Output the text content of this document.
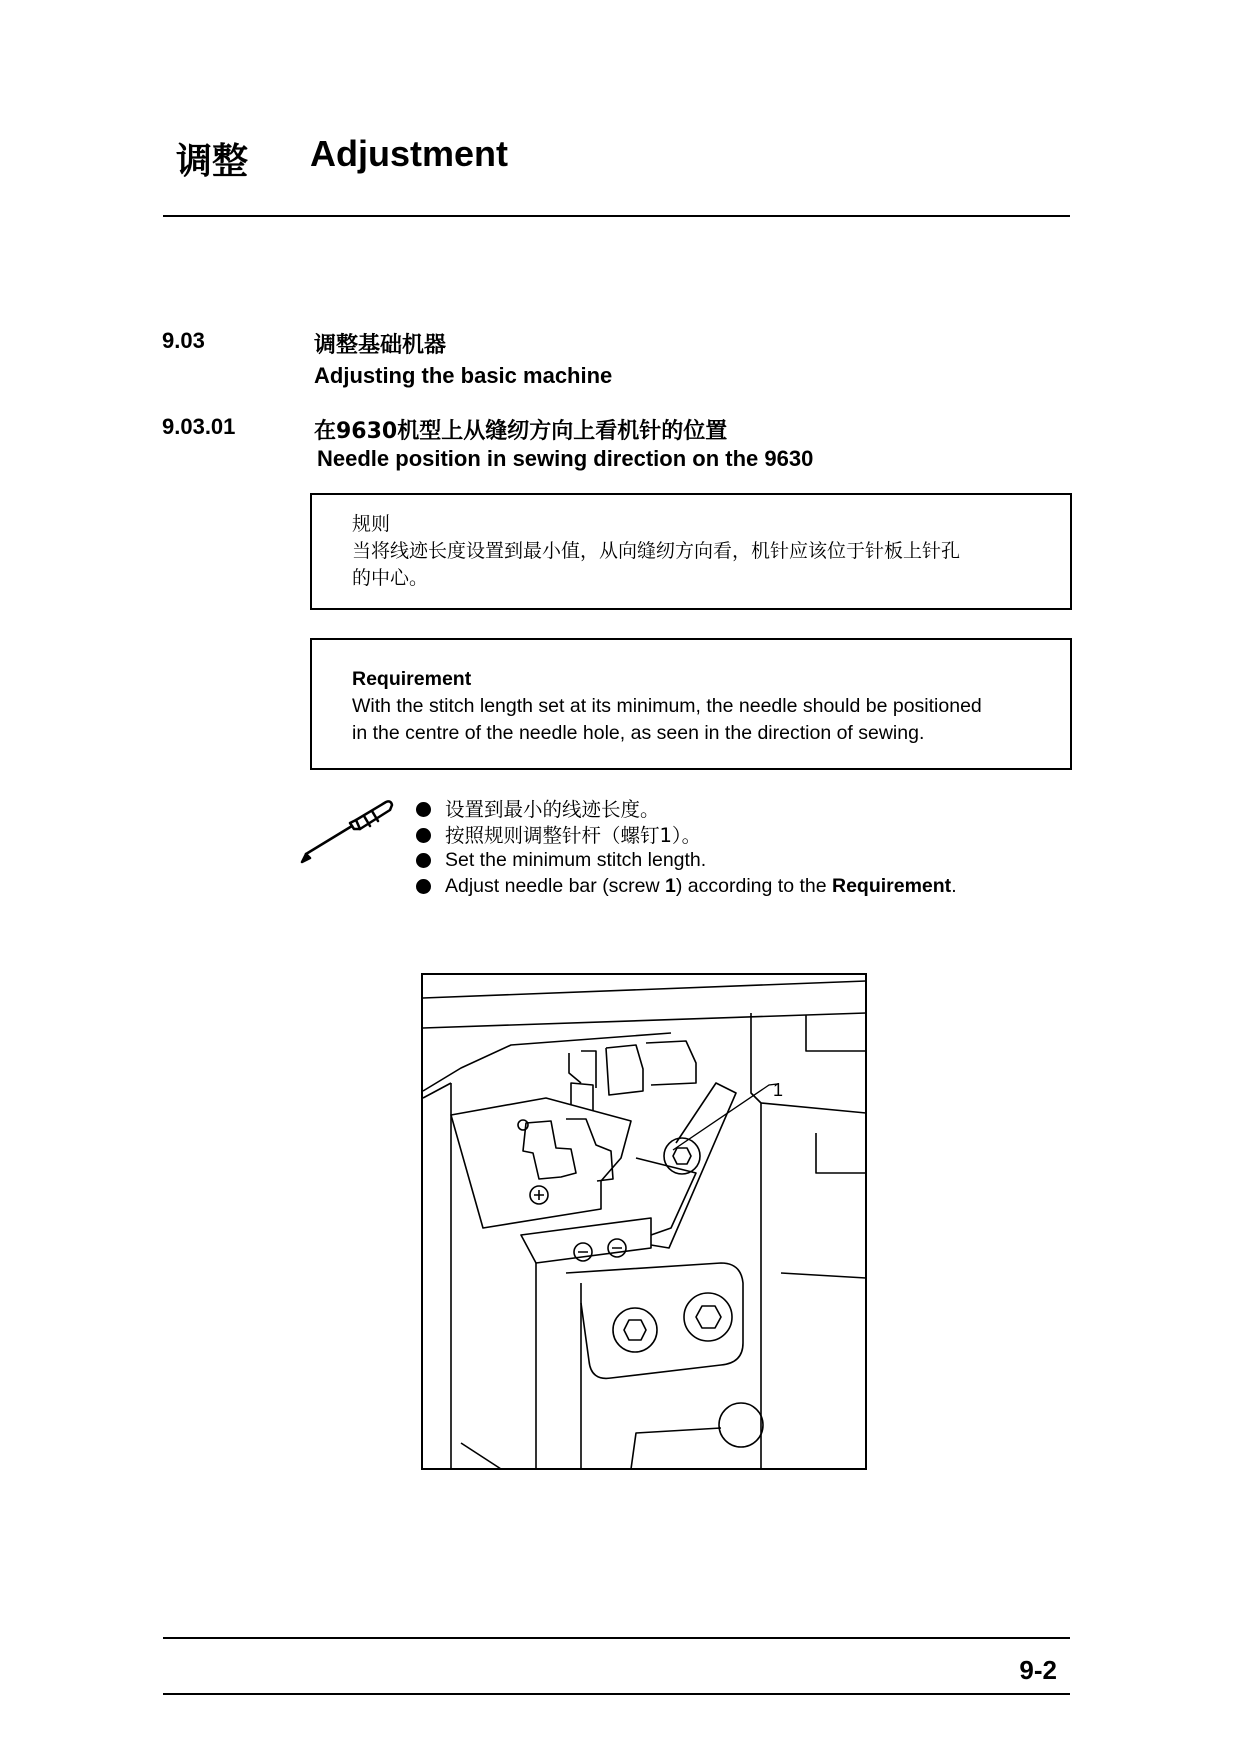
调整 Adjustment
9.03	调整基础机器
Adjusting the basic machine
9.03.01	在9630机型上从缝纫方向上看机针的位置
Needle position in sewing direction on the 9630
规则
当将线迹长度设置到最小值，从向缝纫方向看，机针应该位于针板上针孔
的中心。
Requirement
With the stitch length set at its minimum, the needle should be positioned
in the centre of the needle hole, as seen in the direction of sewing.
设置到最小的线迹长度。
按照规则调整针杆（螺钉1）。
Set the minimum stitch length.
Adjust needle bar (screw 1) according to the Requirement.
1
9-2
